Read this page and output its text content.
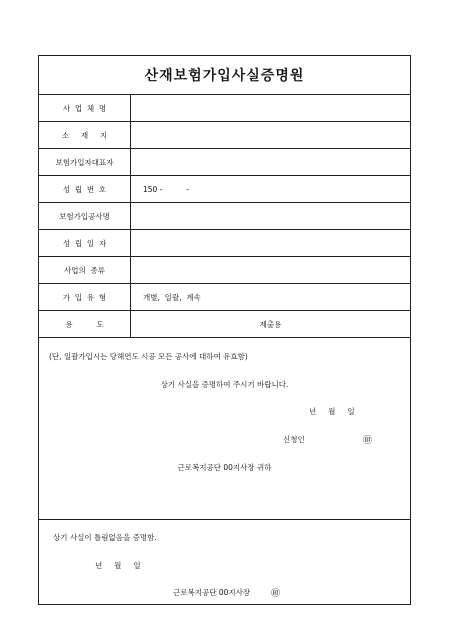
산재보험가입사실증명원
사  업  체  명
소     재     지
보험가입자대표자
성  립  번  호	150 -          -
보험가입공사명
성  립  일  자
사업의  종류
가  입  유  형	개별,  일괄,  계속
용          도	제출용
(단, 일괄가입시는 당해연도 시공 모든 공사에 대하여 유효함)
상기 사실을 증명하여 주시기 바랍니다.
년     월     일
신청인	㊞
근로복지공단 00지사장 귀하
상기 사실이 틀림없음을 증명함.
년     월     일
근로복지공단 00지사장 ㊞
